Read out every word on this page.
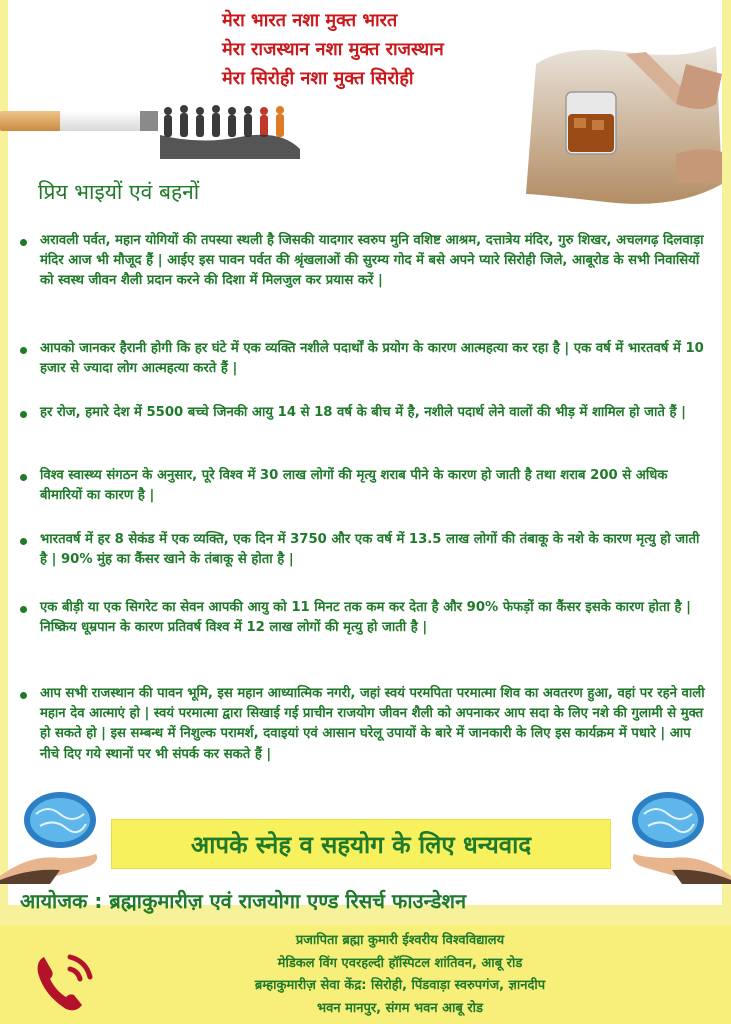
मेरा भारत नशा मुक्त भारत
मेरा राजस्थान नशा मुक्त राजस्थान
मेरा सिरोही नशा मुक्त सिरोही
प्रिय भाइयों एवं बहनों
अरावली पर्वत, महान योगियों की तपस्या स्थली है जिसकी यादगार स्वरुप मुनि वशिष्ट आश्रम, दत्तात्रेय मंदिर, गुरु शिखर, अचलगढ़ दिलवाड़ा मंदिर आज भी मौजूद हैं | आईए इस पावन पर्वत की श्रृंखलाओं की सुरम्य गोद में बसे अपने प्यारे सिरोही जिले, आबूरोड के सभी निवासियों को स्वस्थ जीवन शैली प्रदान करने की दिशा में मिलजुल कर प्रयास करें |
आपको जानकर हैरानी होगी कि हर घंटे में एक व्यक्ति नशीले पदार्थों के प्रयोग के कारण आत्महत्या कर रहा है | एक वर्ष में भारतवर्ष में 10 हजार से ज्यादा लोग आत्महत्या करते हैं |
हर रोज, हमारे देश में 5500 बच्चे जिनकी आयु 14 से 18 वर्ष के बीच में है, नशीले पदार्थ लेने वालों की भीड़ में शामिल हो जाते हैं |
विश्व स्वास्थ्य संगठन के अनुसार, पूरे विश्व में 30 लाख लोगों की मृत्यु शराब पीने के कारण हो जाती है तथा शराब 200 से अधिक बीमारियों का कारण है |
भारतवर्ष में हर 8 सेकंड में एक व्यक्ति, एक दिन में 3750 और एक वर्ष में 13.5 लाख लोगों की तंबाकू के नशे के कारण मृत्यु हो जाती है | 90% मुंह का कैंसर खाने के तंबाकू से होता है |
एक बीड़ी या एक सिगरेट का सेवन आपकी आयु को 11 मिनट तक कम कर देता है और 90% फेफड़ों का कैंसर इसके कारण होता है | निष्क्रिय धूम्रपान के कारण प्रतिवर्ष विश्व में 12 लाख लोगों की मृत्यु हो जाती है |
आप सभी राजस्थान की पावन भूमि, इस महान आध्यात्मिक नगरी, जहां स्वयं परमपिता परमात्मा शिव का अवतरण हुआ, वहां पर रहने वाली महान देव आत्माएं हो | स्वयं परमात्मा द्वारा सिखाई गई प्राचीन राजयोग जीवन शैली को अपनाकर आप सदा के लिए नशे की गुलामी से मुक्त हो सकते हो | इस सम्बन्ध में निशुल्क परामर्श, दवाइयां एवं आसान घरेलू उपायों के बारे में जानकारी के लिए इस कार्यक्रम में पधारे | आप नीचे दिए गये स्थानों पर भी संपर्क कर सकते हैं |
आपके स्नेह व सहयोग के लिए धन्यवाद
आयोजक : ब्रह्माकुमारीज़ एवं राजयोगा एण्ड रिसर्च फाउन्डेशन
प्रजापिता ब्रह्मा कुमारी ईश्वरीय विश्वविद्यालय
मेडिकल विंग एवरहल्दी हॉस्पिटल शांतिवन, आबू रोड
ब्रम्हाकुमारीज़ सेवा केंद्र: सिरोही, पिंडवाड़ा स्वरुपगंज, ज्ञानदीप
भवन मानपुर, संगम भवन आबू रोड
